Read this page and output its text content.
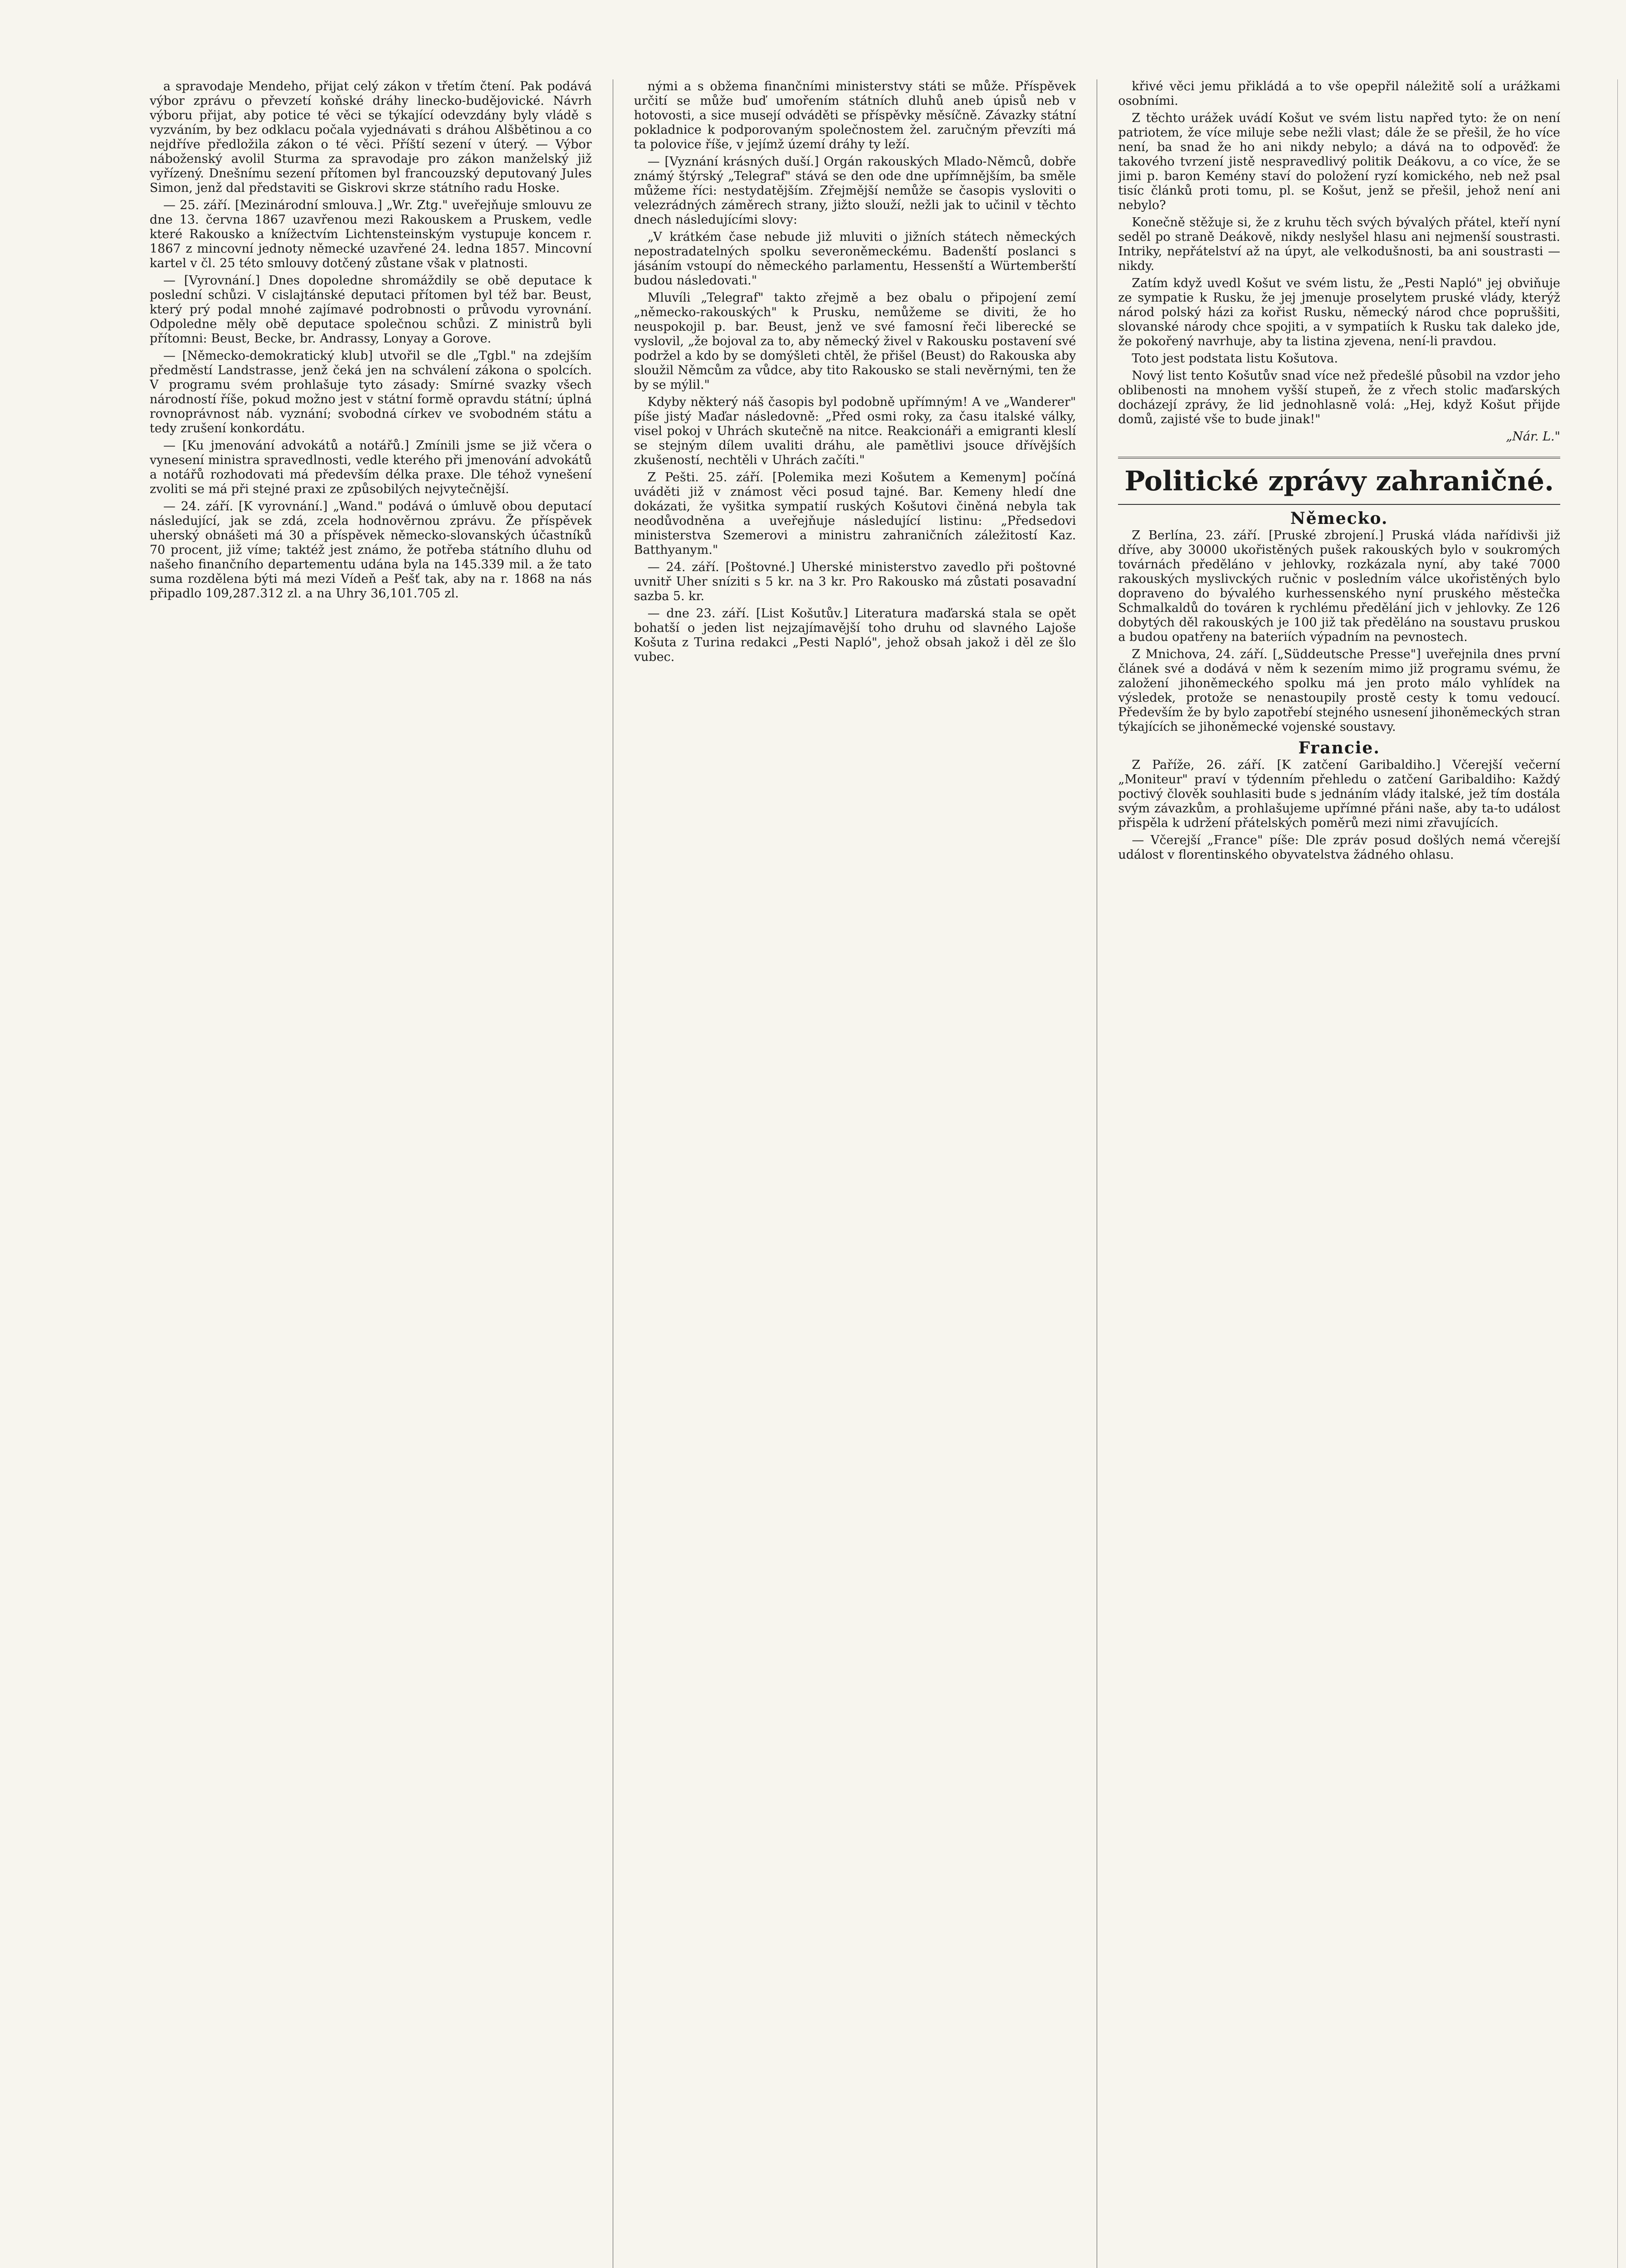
a spravodaje Mendeho, přijat celý zákon v třetím čtení. Pak podává výbor zprávu o převzetí koňské dráhy linecko-budějovické. Návrh výboru přijat, aby potice té věci se týkající odevzdány byly vládě s vyzváním, by bez odklacu počala vyjednávati s dráhou Alšbětinou a co nejdříve předložila zákon o té věci. Příští sezení v úterý. — Výbor náboženský avolil Sturma za spravodaje pro zákon manželský již vyřízený. Dnešnímu sezení přítomen byl francouzský deputovaný Jules Simon, jenž dal představiti se Giskrovi skrze státního radu Hoske.

— 25. září. [Mezinárodní smlouva.] „Wr. Ztg." uveřejňuje smlouvu ze dne 13. června 1867 uzavřenou mezi Rakouskem a Pruskem, vedle které Rakousko a knížectvím Lichtensteinským vystupuje koncem r. 1867 z mincovní jednoty německé uzavřené 24. ledna 1857. Mincovní kartel v čl. 25 této smlouvy dotčený zůstane však v platnosti.

— [Vyrovnání.] Dnes dopoledne shromáždily se obě deputace k poslední schůzi. V cislajtánské deputaci přítomen byl též bar. Beust, který prý podal mnohé zajímavé podrobnosti o průvodu vyrovnání. Odpoledne měly obě deputace společnou schůzi. Z ministrů byli přítomni: Beust, Becke, br. Andrassy, Lonyay a Gorove.

— [Německo-demokratický klub] utvořil se dle „Tgbl." na zdejším předměstí Landstrasse, jenž čeká jen na schválení zákona o spolcích. V programu svém prohlašuje tyto zásady: Smírné svazky všech národností říše, pokud možno jest v státní formě opravdu státní; úplná rovnoprávnost náb. vyznání; svobodná církev ve svobodném státu a tedy zrušení konkordátu.

— [Ku jmenování advokátů a notářů.] Zmínili jsme se již včera o vynesení ministra spravedlnosti, vedle kterého při jmenování advokátů a notářů rozhodovati má především délka praxe. Dle téhož vynešení zvoliti se má při stejné praxi ze způsobilých nejvytečnější.

— 24. září. [K vyrovnání.] „Wand." podává o úmluvě obou deputací následující, jak se zdá, zcela hodnověrnou zprávu. Že příspěvek uherský obnášeti má 30 a příspěvek německo-slovanských účastníků 70 procent, již víme; taktéž jest známo, že potřeba státního dluhu od našeho finančního departementu udána byla na 145.339 mil. a že tato suma rozdělena býti má mezi Vídeň a Pešť tak, aby na r. 1868 na nás připadlo 109,287.312 zl. a na Uhry 36,101.705 zl.

nými a s obžema finančními ministerstvy státi se může. Příspěvek určití se může buď umořením státních dluhů aneb úpisů neb v hotovosti, a sice musejí odváděti se příspěvky měsíčně. Závazky státní pokladnice k podporovaným společnostem žel. zaručným převzíti má ta polovice říše, v jejímž území dráhy ty leží.

— [Vyznání krásných duší.] Orgán rakouských Mlado-Němců, dobře známý štýrský „Telegraf" stává se den ode dne upřímnějším, ba směle můžeme říci: nestydatějším. Zřejmější nemůže se časopis vysloviti o velezrádných záměrech strany, jižto slouží, nežli jak to učinil v těchto dnech následujícími slovy:

„V krátkém čase nebude již mluviti o jižních státech německých nepostradatelných spolku severoněmeckému. Badenští poslanci s jásáním vstoupí do německého parlamentu, Hessenští a Würtemberští budou následovati."

Mluvíli „Telegraf" takto zřejmě a bez obalu o připojení zemí „německo-rakouských" k Prusku, nemůžeme se diviti, že ho neuspokojil p. bar. Beust, jenž ve své famosní řeči liberecké se vyslovil, „že bojoval za to, aby německý živel v Rakousku postavení své podržel a kdo by se domýšleti chtěl, že přišel (Beust) do Rakouska aby sloužil Němcům za vůdce, aby tito Rakousko se stali nevěrnými, ten že by se mýlil."

Kdyby některý náš časopis byl podobně upřímným! A ve „Wanderer" píše jistý Maďar následovně: „Před osmi roky, za času italské války, visel pokoj v Uhrách skutečně na nitce. Reakcionáři a emigranti kleslí se stejným dílem uvaliti dráhu, ale pamětlivi jsouce dřívějších zkušeností, nechtěli v Uhrách začíti."

Z Pešti. 25. září. [Polemika mezi Košutem a Kemenym] počíná uváděti již v známost věci posud tajné. Bar. Kemeny hledí dne dokázati, že vyšitka sympatií ruských Košutovi činěná nebyla tak neodůvodněna a uveřejňuje následující listinu: „Předsedovi ministerstva Szemerovi a ministru zahraničních záležitostí Kaz. Batthyanym."

— 24. září. [Poštovné.] Uherské ministerstvo zavedlo při poštovné uvnitř Uher sníziti s 5 kr. na 3 kr. Pro Rakousko má zůstati posavadní sazba 5. kr.

— dne 23. září. [List Košutův.] Literatura maďarská stala se opět bohatší o jeden list nejzajímavější toho druhu od slavného Lajoše Košuta z Turina redakci „Pesti Napló", jehož obsah jakož i děl ze šlo vubec.

křivé věci jemu přikládá a to vše opepřil náležitě solí a urážkami osobními.

Z těchto urážek uvádí Košut ve svém listu napřed tyto: že on není patriotem, že více miluje sebe nežli vlast; dále že se přešil, že ho více není, ba snad že ho ani nikdy nebylo; a dává na to odpověď: že takového tvrzení jistě nespravedlivý politik Deákovu, a co více, že se jimi p. baron Kemény staví do položení ryzí komického, neb než psal tisíc článků proti tomu, pl. se Košut, jenž se přešil, jehož není ani nebylo?

Konečně stěžuje si, že z kruhu těch svých bývalých přátel, kteří nyní seděl po straně Deákově, nikdy neslyšel hlasu ani nejmenší soustrasti. Intriky, nepřátelství až na úpyt, ale velkodušnosti, ba ani soustrasti — nikdy.

Zatím když uvedl Košut ve svém listu, že „Pesti Napló" jej obviňuje ze sympatie k Rusku, že jej jmenuje proselytem pruské vlády, kterýž národ polský házi za kořist Rusku, německý národ chce popruššiti, slovanské národy chce spojiti, a v sympatiích k Rusku tak daleko jde, že pokořený navrhuje, aby ta listina zjevena, není-li pravdou.

Toto jest podstata listu Košutova.

Nový list tento Košutův snad více než předešlé působil na vzdor jeho oblibenosti na mnohem vyšší stupeň, že z vřech stolic maďarských docházejí zprávy, že lid jednohlasně volá: „Hej, když Košut přijde domů, zajisté vše to bude jinak!"

„Nár. L."
Politické zprávy zahraničné.
Německo.

Z Berlína, 23. září. [Pruské zbrojení.] Pruská vláda nařídivši již dříve, aby 30000 ukořistěných pušek rakouských bylo v soukromých továrnách předěláno v jehlovky, rozkázala nyní, aby také 7000 rakouských myslivckých ručnic v posledním válce ukořistěných bylo dopraveno do bývalého kurhessenského nyní pruského městečka Schmalkaldů do továren k rychlému předělání jich v jehlovky. Ze 126 dobytých děl rakouských je 100 již tak předěláno na soustavu pruskou a budou opatřeny na bateriích výpadním na pevnostech.

Z Mnichova, 24. září. [„Süddeutsche Presse"] uveřejnila dnes první článek své a dodává v něm k sezením mimo již programu svému, že založení jihoněmeckého spolku má jen proto málo vyhlídek na výsledek, protože se nenastoupily prostě cesty k tomu vedoucí. Především že by bylo zapotřebí stejného usnesení jihoněmeckých stran týkajících se jihoněmecké vojenské soustavy.

Francie.

Z Paříže, 26. září. [K zatčení Garibaldiho.] Včerejší večerní „Moniteur" praví v týdenním přehledu o zatčení Garibaldiho: Každý poctivý člověk souhlasiti bude s jednáním vlády italské, jež tím dostála svým závazkům, a prohlašujeme upřímné přáni naše, aby ta-to událost přispěla k udržení přátelských poměrů mezi nimi zřavujících.

— Včerejší „France" píše: Dle zpráv posud došlých nemá včerejší událost v florentinského obyvatelstva žádného ohlasu.
